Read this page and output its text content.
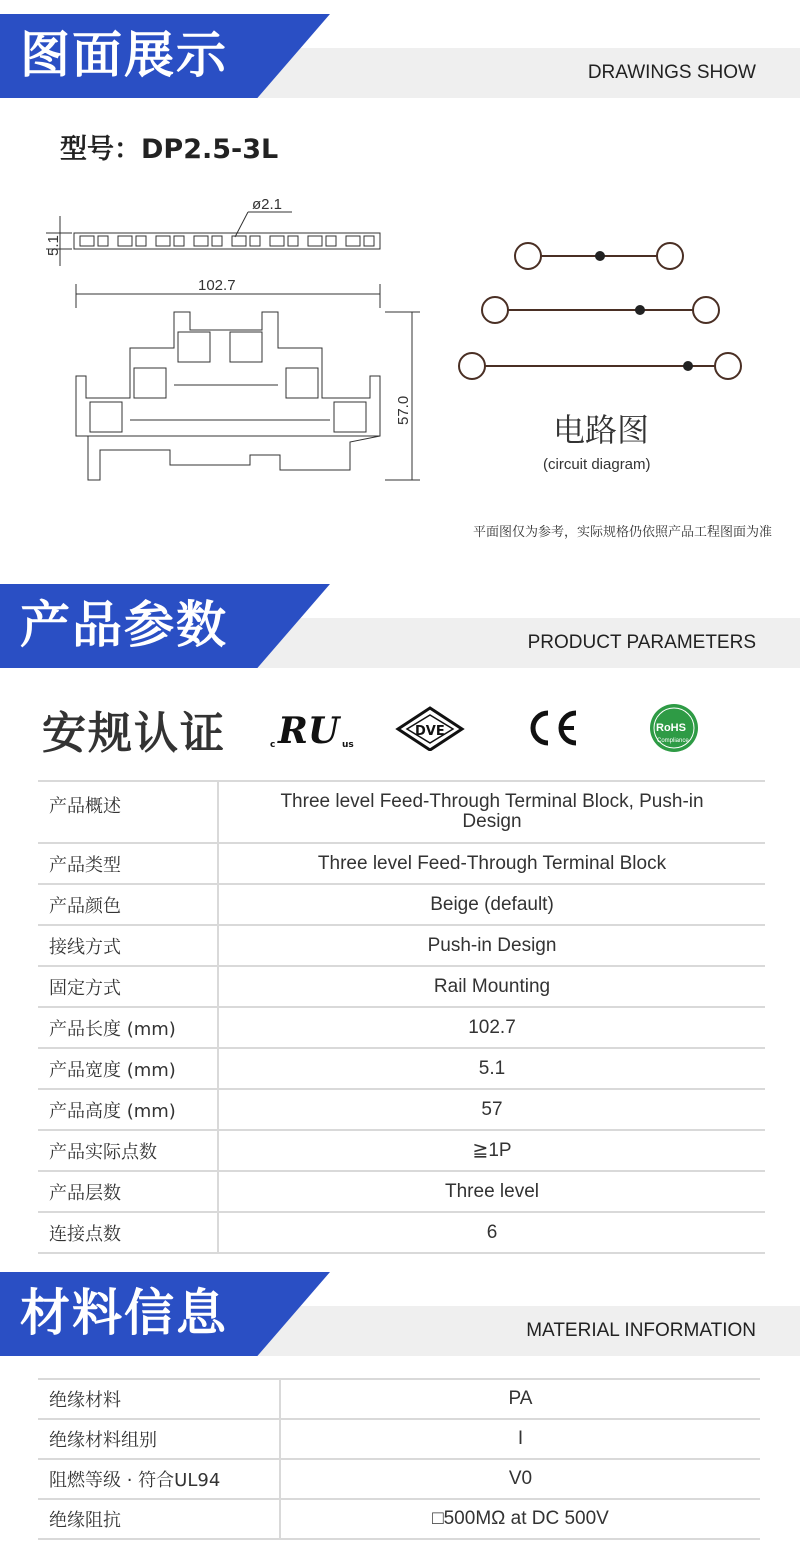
图面展示	DRAWINGS SHOW
型号：DP2.5-3L
ø2.1
5.1
102.7
57.0
电路图
(circuit diagram)
平面图仅为参考，实际规格仍依照产品工程图面为准
产品参数	PRODUCT PARAMETERS
安规认证	c RU us
DVE	RoHS
Compliance
产品概述	Three level Feed-Through Terminal Block, Push-in Design
产品类型	Three level Feed-Through Terminal Block
产品颜色	Beige (default)
接线方式	Push-in Design
固定方式	Rail Mounting
产品长度 (mm)	102.7
产品宽度 (mm)	5.1
产品高度 (mm)	57
产品实际点数	≧1P
产品层数	Three level
连接点数	6
材料信息	MATERIAL INFORMATION
绝缘材料	PA
绝缘材料组别	I
阻燃等级 · 符合UL94	V0
绝缘阻抗	□500MΩ at DC 500V
